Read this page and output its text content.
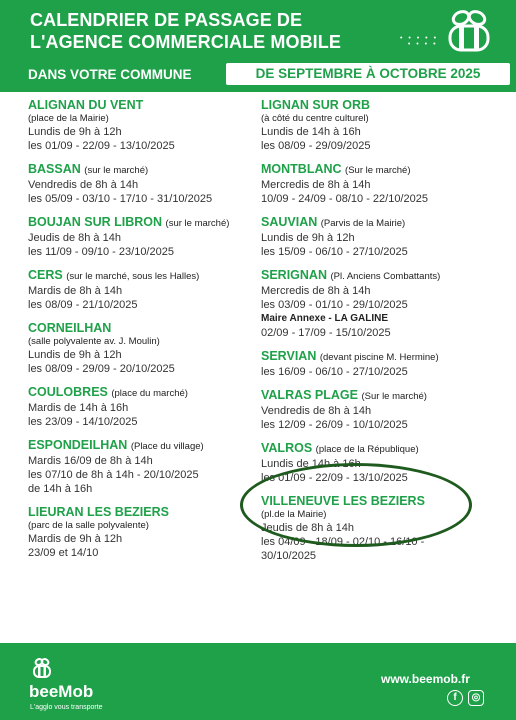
CALENDRIER DE PASSAGE DE
L'AGENCE COMMERCIALE MOBILE	• • • • •
• • • •
DANS VOTRE COMMUNE	DE SEPTEMBRE À OCTOBRE 2025
ALIGNAN DU VENT
(place de la Mairie)
Lundis de 9h à 12h
les 01/09 - 22/09 - 13/10/2025
BASSAN (sur le marché)
Vendredis de 8h à 14h
les 05/09 - 03/10 - 17/10 - 31/10/2025
BOUJAN SUR LIBRON (sur le marché)
Jeudis de 8h à 14h
les 11/09 - 09/10 - 23/10/2025
CERS (sur le marché, sous les Halles)
Mardis de 8h à 14h
les 08/09 - 21/10/2025
CORNEILHAN
(salle polyvalente av. J. Moulin)
Lundis de 9h à 12h
les 08/09 - 29/09 - 20/10/2025
COULOBRES (place du marché)
Mardis de 14h à 16h
les 23/09 - 14/10/2025
ESPONDEILHAN (Place du village)
Mardis 16/09 de 8h à 14h
les 07/10 de 8h à 14h - 20/10/2025
de 14h à 16h
LIEURAN LES BEZIERS
(parc de la salle polyvalente)
Mardis de 9h à 12h
23/09 et 14/10
LIGNAN SUR ORB
(à côté du centre culturel)
Lundis de 14h à 16h
les 08/09 - 29/09/2025
MONTBLANC (Sur le marché)
Mercredis de 8h à 14h
10/09 - 24/09 - 08/10 - 22/10/2025
SAUVIAN (Parvis de la Mairie)
Lundis de 9h à 12h
les 15/09 - 06/10 - 27/10/2025
SERIGNAN (Pl. Anciens Combattants)
Mercredis de 8h à 14h
les 03/09 - 01/10 - 29/10/2025
Maire Annexe - LA GALINE
02/09 - 17/09 - 15/10/2025
SERVIAN (devant piscine M. Hermine)
les 16/09 - 06/10 - 27/10/2025
VALRAS PLAGE (Sur le marché)
Vendredis de 8h à 14h
les 12/09 - 26/09 - 10/10/2025
VALROS (place de la République)
Lundis de 14h à 16h
les 01/09 - 22/09 - 13/10/2025
VILLENEUVE LES BEZIERS
(pl.de la Mairie)
Jeudis de 8h à 14h
les 04/09 - 18/09 - 02/10 - 16/10 -
30/10/2025
beeMob
L'agglo vous transporte
www.beemob.fr
f	◎
